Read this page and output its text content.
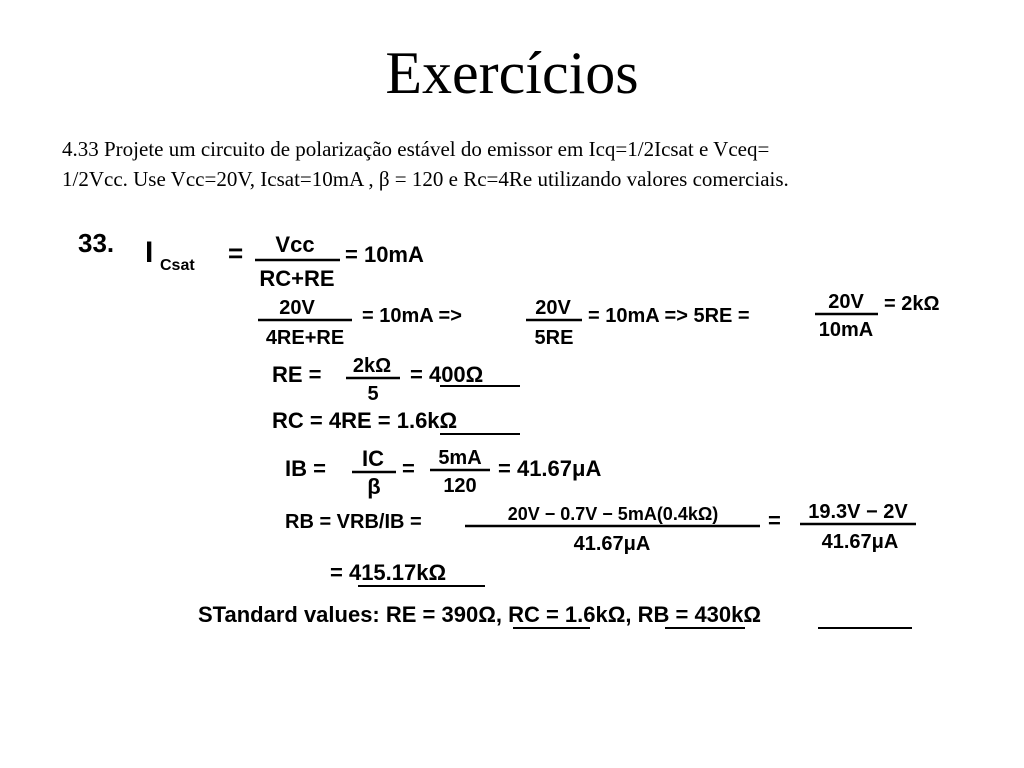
Exercícios
4.33 Projete um circuito de polarização estável do emissor em Icq=1/2Icsat e Vceq=
1/2Vcc. Use Vcc=20V, Icsat=10mA , β = 120 e Rc=4Re utilizando valores comerciais.
33. I Csat = Vcc
RC+RE
= 10mA
20V
4RE+RE
= 10mA =>	20V
5RE
= 10mA => 5RE =
20V
10mA
= 2kΩ
RE = 2kΩ
5
= 400Ω
RC = 4RE = 1.6kΩ
IB = IC
β
= 5mA
120
= 41.67μA
RB = VRB/IB =	20V − 0.7V − 5mA(0.4kΩ)
41.67μA
= 19.3V − 2V
41.67μA
= 415.17kΩ
STandard values: RE = 390Ω, RC = 1.6kΩ, RB = 430kΩ
